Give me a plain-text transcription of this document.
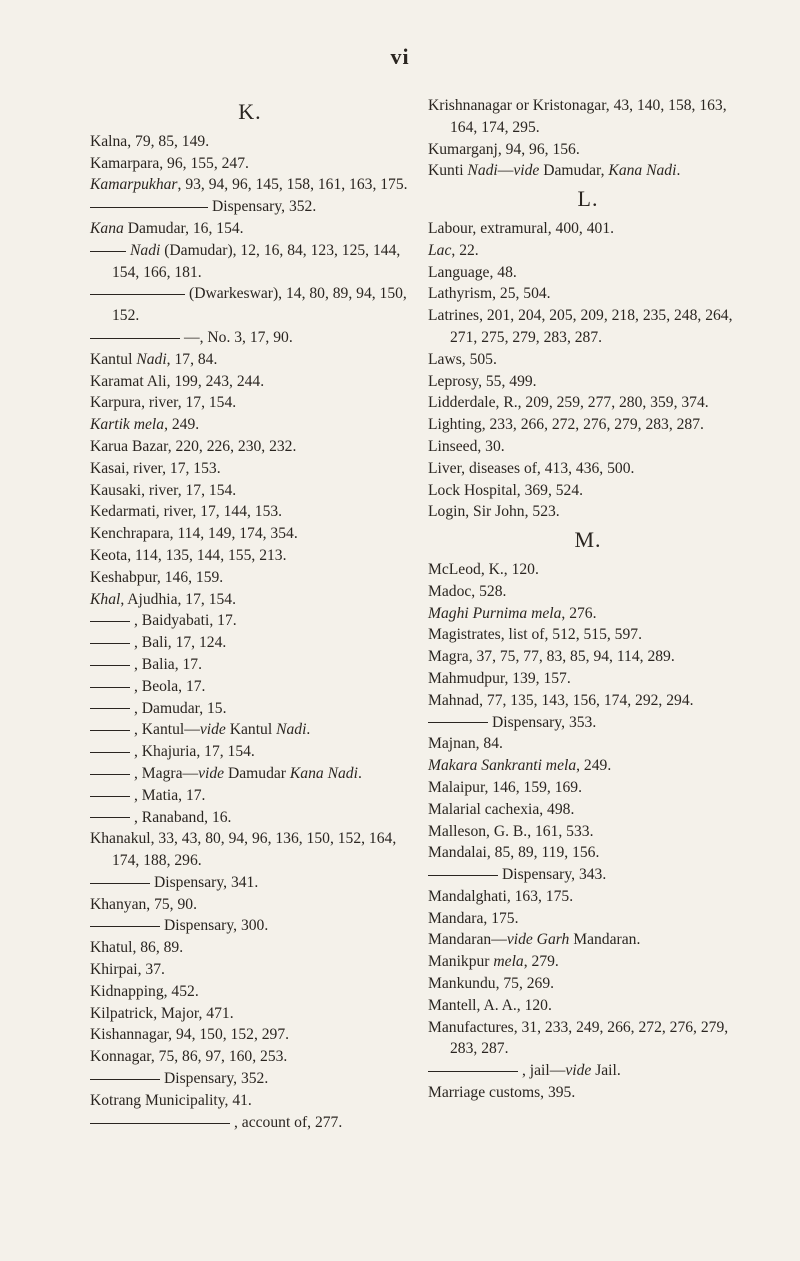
vi
K.
Kalna, 79, 85, 149.
Kamarpara, 96, 155, 247.
Kamarpukhar, 93, 94, 96, 145, 158, 161, 163, 175.
Dispensary, 352.
Kana Damudar, 16, 154.
Nadi (Damudar), 12, 16, 84, 123, 125, 144, 154, 166, 181.
(Dwarkeswar), 14, 80, 89, 94, 150, 152.
—, No. 3, 17, 90.
Kantul Nadi, 17, 84.
Karamat Ali, 199, 243, 244.
Karpura, river, 17, 154.
Kartik mela, 249.
Karua Bazar, 220, 226, 230, 232.
Kasai, river, 17, 153.
Kausaki, river, 17, 154.
Kedarmati, river, 17, 144, 153.
Kenchrapara, 114, 149, 174, 354.
Keota, 114, 135, 144, 155, 213.
Keshabpur, 146, 159.
Khal, Ajudhia, 17, 154.
, Baidyabati, 17.
, Bali, 17, 124.
, Balia, 17.
, Beola, 17.
, Damudar, 15.
, Kantul—vide Kantul Nadi.
, Khajuria, 17, 154.
, Magra—vide Damudar Kana Nadi.
, Matia, 17.
, Ranaband, 16.
Khanakul, 33, 43, 80, 94, 96, 136, 150, 152, 164, 174, 188, 296.
Dispensary, 341.
Khanyan, 75, 90.
Dispensary, 300.
Khatul, 86, 89.
Khirpai, 37.
Kidnapping, 452.
Kilpatrick, Major, 471.
Kishannagar, 94, 150, 152, 297.
Konnagar, 75, 86, 97, 160, 253.
Dispensary, 352.
Kotrang Municipality, 41.
, account of, 277.
Krishnanagar or Kristonagar, 43, 140, 158, 163, 164, 174, 295.
Kumarganj, 94, 96, 156.
Kunti Nadi—vide Damudar, Kana Nadi.
L.
Labour, extramural, 400, 401.
Lac, 22.
Language, 48.
Lathyrism, 25, 504.
Latrines, 201, 204, 205, 209, 218, 235, 248, 264, 271, 275, 279, 283, 287.
Laws, 505.
Leprosy, 55, 499.
Lidderdale, R., 209, 259, 277, 280, 359, 374.
Lighting, 233, 266, 272, 276, 279, 283, 287.
Linseed, 30.
Liver, diseases of, 413, 436, 500.
Lock Hospital, 369, 524.
Login, Sir John, 523.
M.
McLeod, K., 120.
Madoc, 528.
Maghi Purnima mela, 276.
Magistrates, list of, 512, 515, 597.
Magra, 37, 75, 77, 83, 85, 94, 114, 289.
Mahmudpur, 139, 157.
Mahnad, 77, 135, 143, 156, 174, 292, 294.
Dispensary, 353.
Majnan, 84.
Makara Sankranti mela, 249.
Malaipur, 146, 159, 169.
Malarial cachexia, 498.
Malleson, G. B., 161, 533.
Mandalai, 85, 89, 119, 156.
Dispensary, 343.
Mandalghati, 163, 175.
Mandara, 175.
Mandaran—vide Garh Mandaran.
Manikpur mela, 279.
Mankundu, 75, 269.
Mantell, A. A., 120.
Manufactures, 31, 233, 249, 266, 272, 276, 279, 283, 287.
, jail—vide Jail.
Marriage customs, 395.
